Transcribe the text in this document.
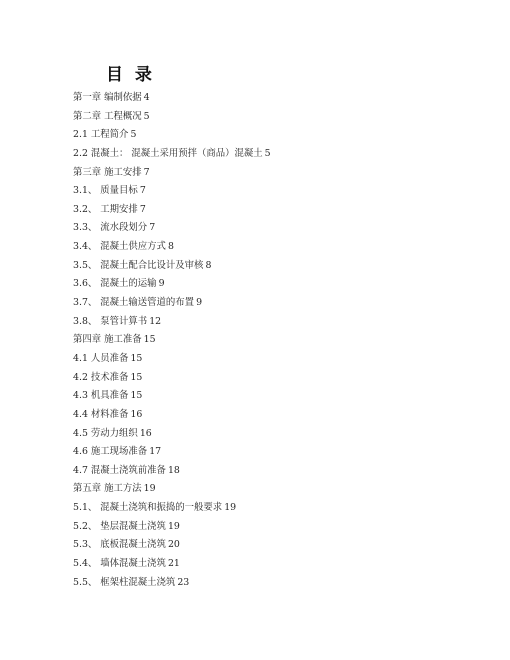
目 录
第一章 编制依据 4
第二章 工程概况 5
2.1 工程简介 5
2.2 混凝土： 混凝土采用预拌（商品）混凝土 5
第三章 施工安排 7
3.1、 质量目标 7
3.2、 工期安排 7
3.3、 流水段划分 7
3.4、 混凝土供应方式 8
3.5、 混凝土配合比设计及审核 8
3.6、 混凝土的运输 9
3.7、 混凝土输送管道的布置 9
3.8、 泵管计算书 12
第四章 施工准备 15
4.1 人员准备 15
4.2 技术准备 15
4.3 机具准备 15
4.4 材料准备 16
4.5 劳动力组织 16
4.6 施工现场准备 17
4.7 混凝土浇筑前准备 18
第五章 施工方法 19
5.1、 混凝土浇筑和振捣的一般要求 19
5.2、 垫层混凝土浇筑 19
5.3、 底板混凝土浇筑 20
5.4、 墙体混凝土浇筑 21
5.5、 框架柱混凝土浇筑 23
